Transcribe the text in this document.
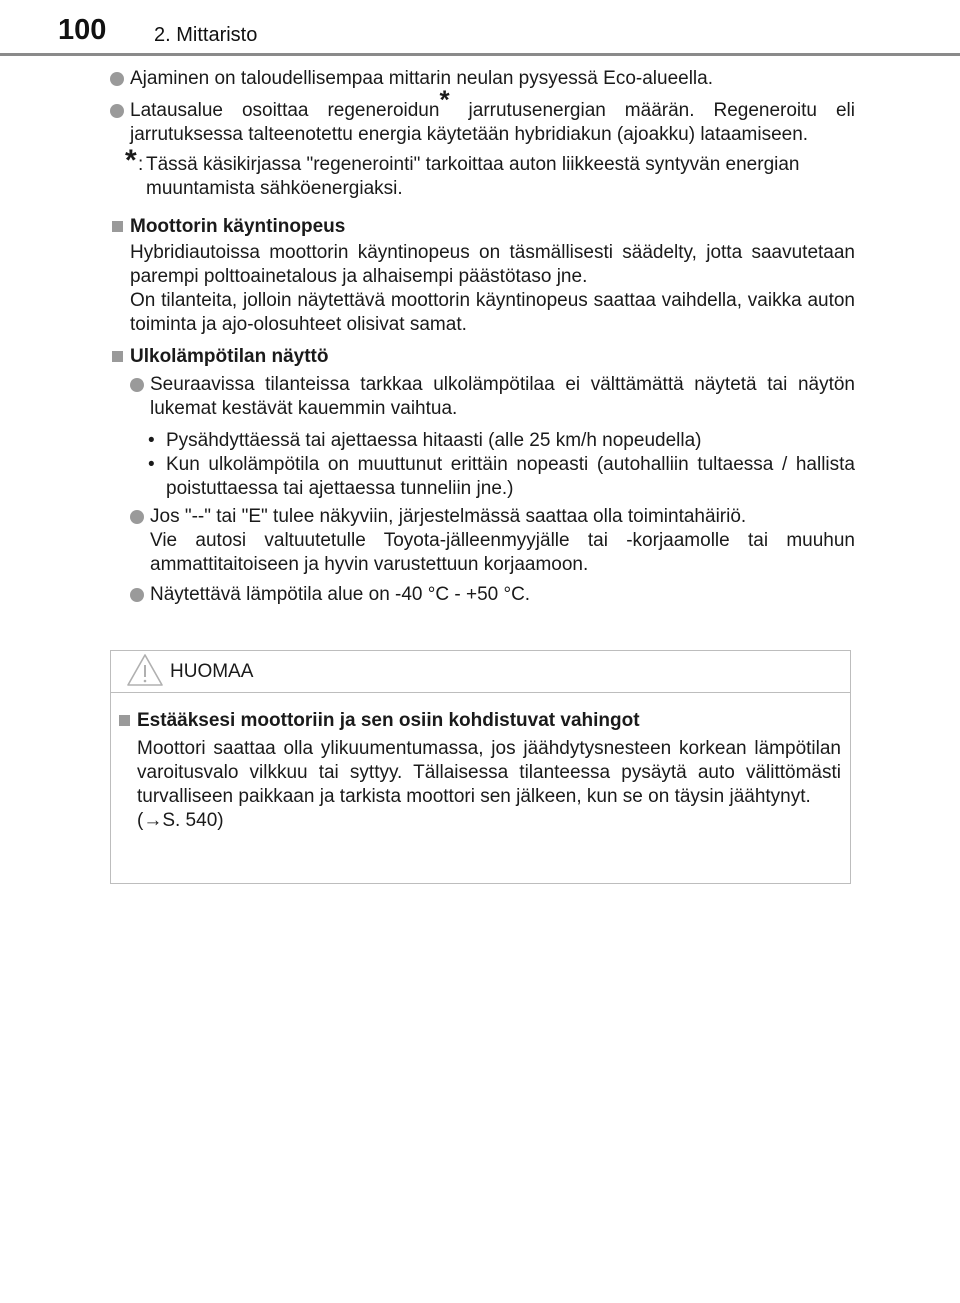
100 2. Mittaristo
Ajaminen on taloudellisempaa mittarin neulan pysyessä Eco-alueella.
Latausalue osoittaa regeneroidun* jarrutusenergian määrän. Regeneroitu eli jarrutuksessa talteenotettu energia käytetään hybridiakun (ajoakku) lataamiseen.
* : Tässä käsikirjassa "regenerointi" tarkoittaa auton liikkeestä syntyvän energian muuntamista sähköenergiaksi.
Moottorin käyntinopeus
Hybridiautoissa moottorin käyntinopeus on täsmällisesti säädelty, jotta saavutetaan parempi polttoainetalous ja alhaisempi päästötaso jne.
On tilanteita, jolloin näytettävä moottorin käyntinopeus saattaa vaihdella, vaikka auton toiminta ja ajo-olosuhteet olisivat samat.
Ulkolämpötilan näyttö
Seuraavissa tilanteissa tarkkaa ulkolämpötilaa ei välttämättä näytetä tai näytön lukemat kestävät kauemmin vaihtua.
• Pysähdyttäessä tai ajettaessa hitaasti (alle 25 km/h nopeudella)
• Kun ulkolämpötila on muuttunut erittäin nopeasti (autohalliin tultaessa / hallista poistuttaessa tai ajettaessa tunneliin jne.)
Jos "--" tai "E" tulee näkyviin, järjestelmässä saattaa olla toimintahäiriö.
Vie autosi valtuutetulle Toyota-jälleenmyyjälle tai -korjaamolle tai muuhun ammattitaitoiseen ja hyvin varustettuun korjaamoon.
Näytettävä lämpötila alue on -40 °C - +50 °C.
HUOMAA
Estääksesi moottoriin ja sen osiin kohdistuvat vahingot
Moottori saattaa olla ylikuumentumassa, jos jäähdytysnesteen korkean lämpötilan varoitusvalo vilkkuu tai syttyy. Tällaisessa tilanteessa pysäytä auto välittömästi turvalliseen paikkaan ja tarkista moottori sen jälkeen, kun se on täysin jäähtynyt.
(→S. 540)
